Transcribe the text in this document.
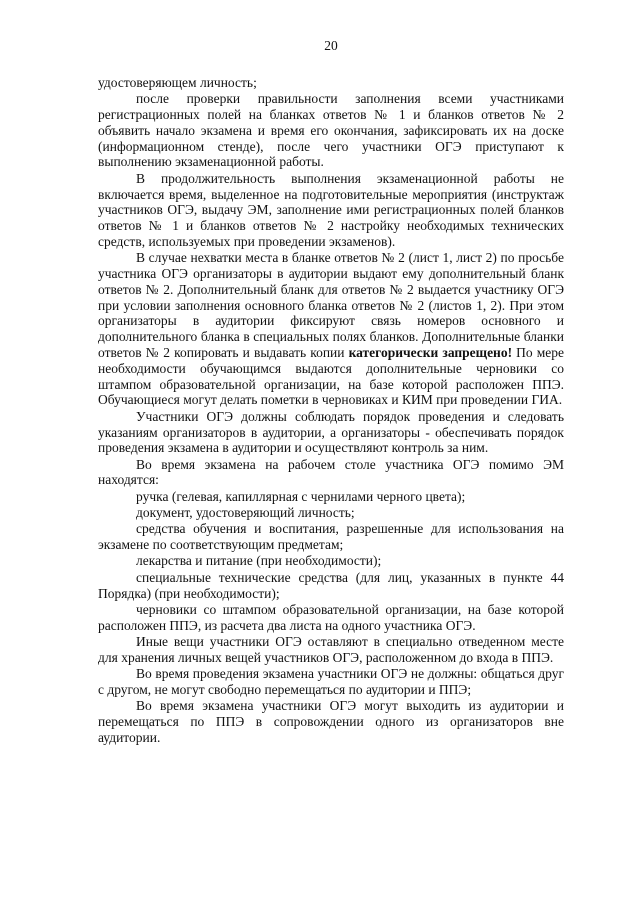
20

удостоверяющем личность;

после проверки правильности заполнения всеми участниками регистрационных полей на бланках ответов № 1 и бланков ответов № 2 объявить начало экзамена и время его окончания, зафиксировать их на доске (информационном стенде), после чего участники ОГЭ приступают к выполнению экзаменационной работы.

В продолжительность выполнения экзаменационной работы не включается время, выделенное на подготовительные мероприятия (инструктаж участников ОГЭ, выдачу ЭМ, заполнение ими регистрационных полей бланков ответов № 1 и бланков ответов № 2 настройку необходимых технических средств, используемых при проведении экзаменов).

В случае нехватки места в бланке ответов № 2 (лист 1, лист 2) по просьбе участника ОГЭ организаторы в аудитории выдают ему дополнительный бланк ответов № 2. Дополнительный бланк для ответов № 2 выдается участнику ОГЭ при условии заполнения основного бланка ответов № 2 (листов 1, 2). При этом организаторы в аудитории фиксируют связь номеров основного и дополнительного бланка в специальных полях бланков. Дополнительные бланки ответов № 2 копировать и выдавать копии категорически запрещено! По мере необходимости обучающимся выдаются дополнительные черновики со штампом образовательной организации, на базе которой расположен ППЭ. Обучающиеся могут делать пометки в черновиках и КИМ при проведении ГИА.

Участники ОГЭ должны соблюдать порядок проведения и следовать указаниям организаторов в аудитории, а организаторы - обеспечивать порядок проведения экзамена в аудитории и осуществляют контроль за ним.

Во время экзамена на рабочем столе участника ОГЭ помимо ЭМ находятся:

ручка (гелевая, капиллярная с чернилами черного цвета);

документ, удостоверяющий личность;

средства обучения и воспитания, разрешенные для использования на экзамене по соответствующим предметам;

лекарства и питание (при необходимости);

специальные технические средства (для лиц, указанных в пункте 44 Порядка) (при необходимости);

черновики со штампом образовательной организации, на базе которой расположен ППЭ, из расчета два листа на одного участника ОГЭ.

Иные вещи участники ОГЭ оставляют в специально отведенном месте для хранения личных вещей участников ОГЭ, расположенном до входа в ППЭ.

Во время проведения экзамена участники ОГЭ не должны: общаться друг с другом, не могут свободно перемещаться по аудитории и ППЭ;

Во время экзамена участники ОГЭ могут выходить из аудитории и перемещаться по ППЭ в сопровождении одного из организаторов вне аудитории.
